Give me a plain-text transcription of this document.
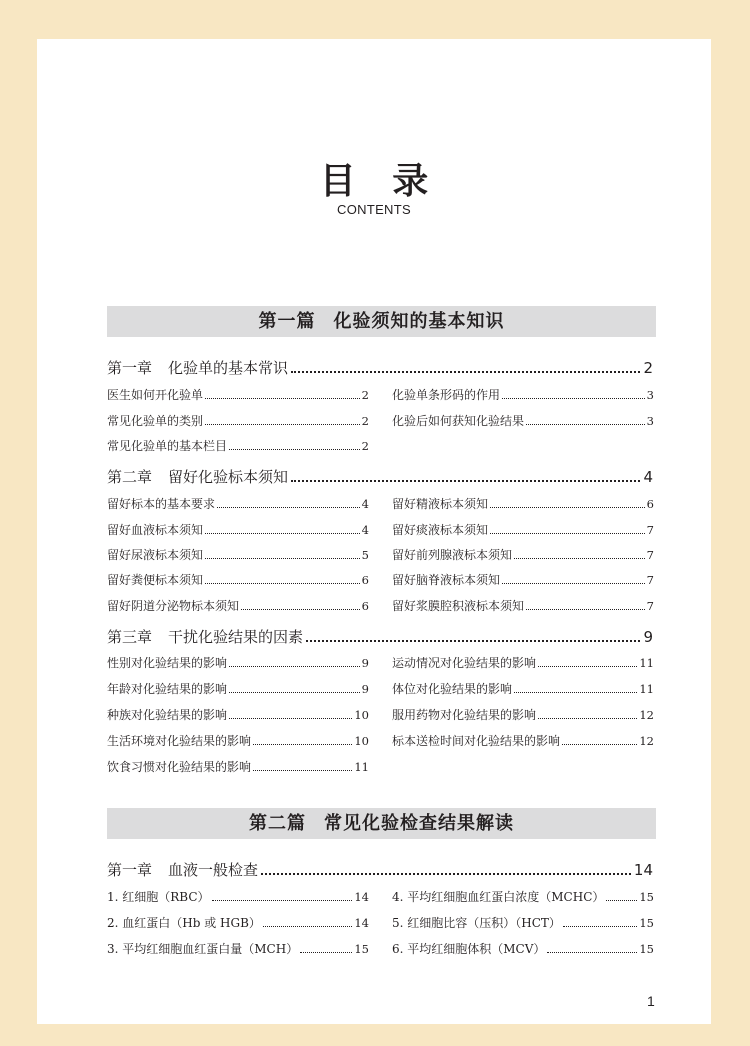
目 录
CONTENTS
第一篇 化验须知的基本知识
第一章 化验单的基本常识	2
医生如何开化验单	2 化验单条形码的作用	3
常见化验单的类别	2 化验后如何获知化验结果	3
常见化验单的基本栏目	2
第二章 留好化验标本须知	4
留好标本的基本要求	4 留好精液标本须知	6
留好血液标本须知	4 留好痰液标本须知	7
留好尿液标本须知	5 留好前列腺液标本须知	7
留好粪便标本须知	6 留好脑脊液标本须知	7
留好阴道分泌物标本须知	6 留好浆膜腔积液标本须知	7
第三章 干扰化验结果的因素	9
性别对化验结果的影响	9 运动情况对化验结果的影响	11
年龄对化验结果的影响	9 体位对化验结果的影响	11
种族对化验结果的影响	10 服用药物对化验结果的影响	12
生活环境对化验结果的影响	10 标本送检时间对化验结果的影响	12
饮食习惯对化验结果的影响	11
第二篇 常见化验检查结果解读
第一章 血液一般检查	14
1. 红细胞（RBC）	14 4. 平均红细胞血红蛋白浓度（MCHC）	15
2. 血红蛋白（Hb 或 HGB）	14 5. 红细胞比容（压积）（HCT）	15
3. 平均红细胞血红蛋白量（MCH）	15 6. 平均红细胞体积（MCV）	15
1
